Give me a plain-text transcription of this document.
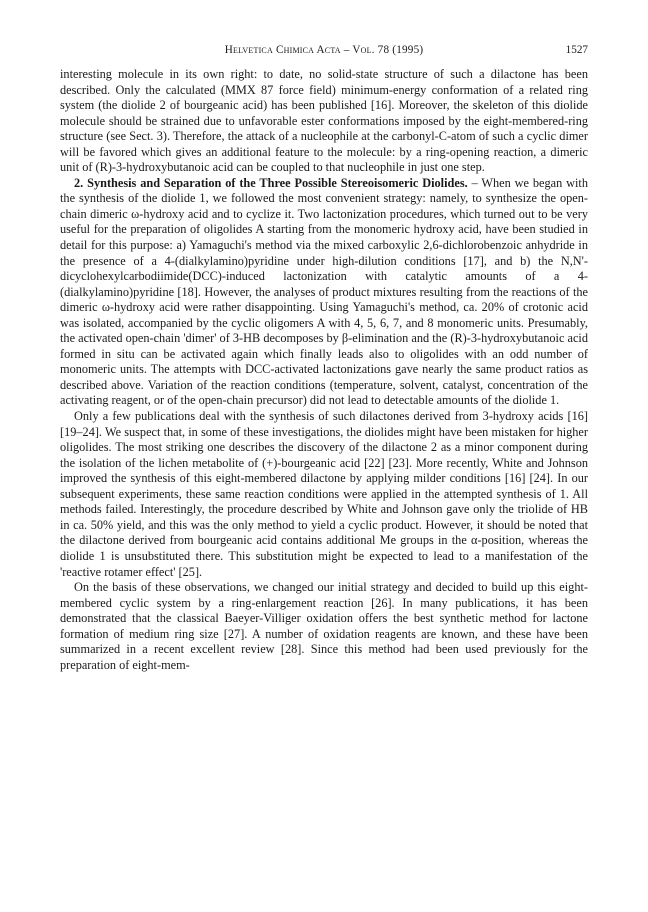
Helvetica Chimica Acta – Vol. 78 (1995)	1527

interesting molecule in its own right: to date, no solid-state structure of such a dilactone has been described. Only the calculated (MMX 87 force field) minimum-energy conformation of a related ring system (the diolide 2 of bourgeanic acid) has been published [16]. Moreover, the skeleton of this diolide molecule should be strained due to unfavorable ester conformations imposed by the eight-membered-ring structure (see Sect. 3). Therefore, the attack of a nucleophile at the carbonyl-C-atom of such a cyclic dimer will be favored which gives an additional feature to the molecule: by a ring-opening reaction, a dimeric unit of (R)-3-hydroxybutanoic acid can be coupled to that nucleophile in just one step.

2. Synthesis and Separation of the Three Possible Stereoisomeric Diolides. – When we began with the synthesis of the diolide 1, we followed the most convenient strategy: namely, to synthesize the open-chain dimeric ω-hydroxy acid and to cyclize it. Two lactonization procedures, which turned out to be very useful for the preparation of oligolides A starting from the monomeric hydroxy acid, have been studied in detail for this purpose: a) Yamaguchi's method via the mixed carboxylic 2,6-dichlorobenzoic anhydride in the presence of a 4-(dialkylamino)pyridine under high-dilution conditions [17], and b) the N,N'-dicyclohexylcarbodiimide(DCC)-induced lactonization with catalytic amounts of a 4-(dialkylamino)pyridine [18]. However, the analyses of product mixtures resulting from the reactions of the dimeric ω-hydroxy acid were rather disappointing. Using Yamaguchi's method, ca. 20% of crotonic acid was isolated, accompanied by the cyclic oligomers A with 4, 5, 6, 7, and 8 monomeric units. Presumably, the activated open-chain 'dimer' of 3-HB decomposes by β-elimination and the (R)-3-hydroxybutanoic acid formed in situ can be activated again which finally leads also to oligolides with an odd number of monomeric units. The attempts with DCC-activated lactonizations gave nearly the same product ratios as described above. Variation of the reaction conditions (temperature, solvent, catalyst, concentration of the activating reagent, or of the open-chain precursor) did not lead to detectable amounts of the diolide 1.

Only a few publications deal with the synthesis of such dilactones derived from 3-hydroxy acids [16] [19–24]. We suspect that, in some of these investigations, the diolides might have been mistaken for higher oligolides. The most striking one describes the discovery of the dilactone 2 as a minor component during the isolation of the lichen metabolite of (+)-bourgeanic acid [22] [23]. More recently, White and Johnson improved the synthesis of this eight-membered dilactone by applying milder conditions [16] [24]. In our subsequent experiments, these same reaction conditions were applied in the attempted synthesis of 1. All methods failed. Interestingly, the procedure described by White and Johnson gave only the triolide of HB in ca. 50% yield, and this was the only method to yield a cyclic product. However, it should be noted that the dilactone derived from bourgeanic acid contains additional Me groups in the α-position, whereas the diolide 1 is unsubstituted there. This substitution might be expected to lead to a manifestation of the 'reactive rotamer effect' [25].

On the basis of these observations, we changed our initial strategy and decided to build up this eight-membered cyclic system by a ring-enlargement reaction [26]. In many publications, it has been demonstrated that the classical Baeyer-Villiger oxidation offers the best synthetic method for lactone formation of medium ring size [27]. A number of oxidation reagents are known, and these have been summarized in a recent excellent review [28]. Since this method had been used previously for the preparation of eight-mem-
